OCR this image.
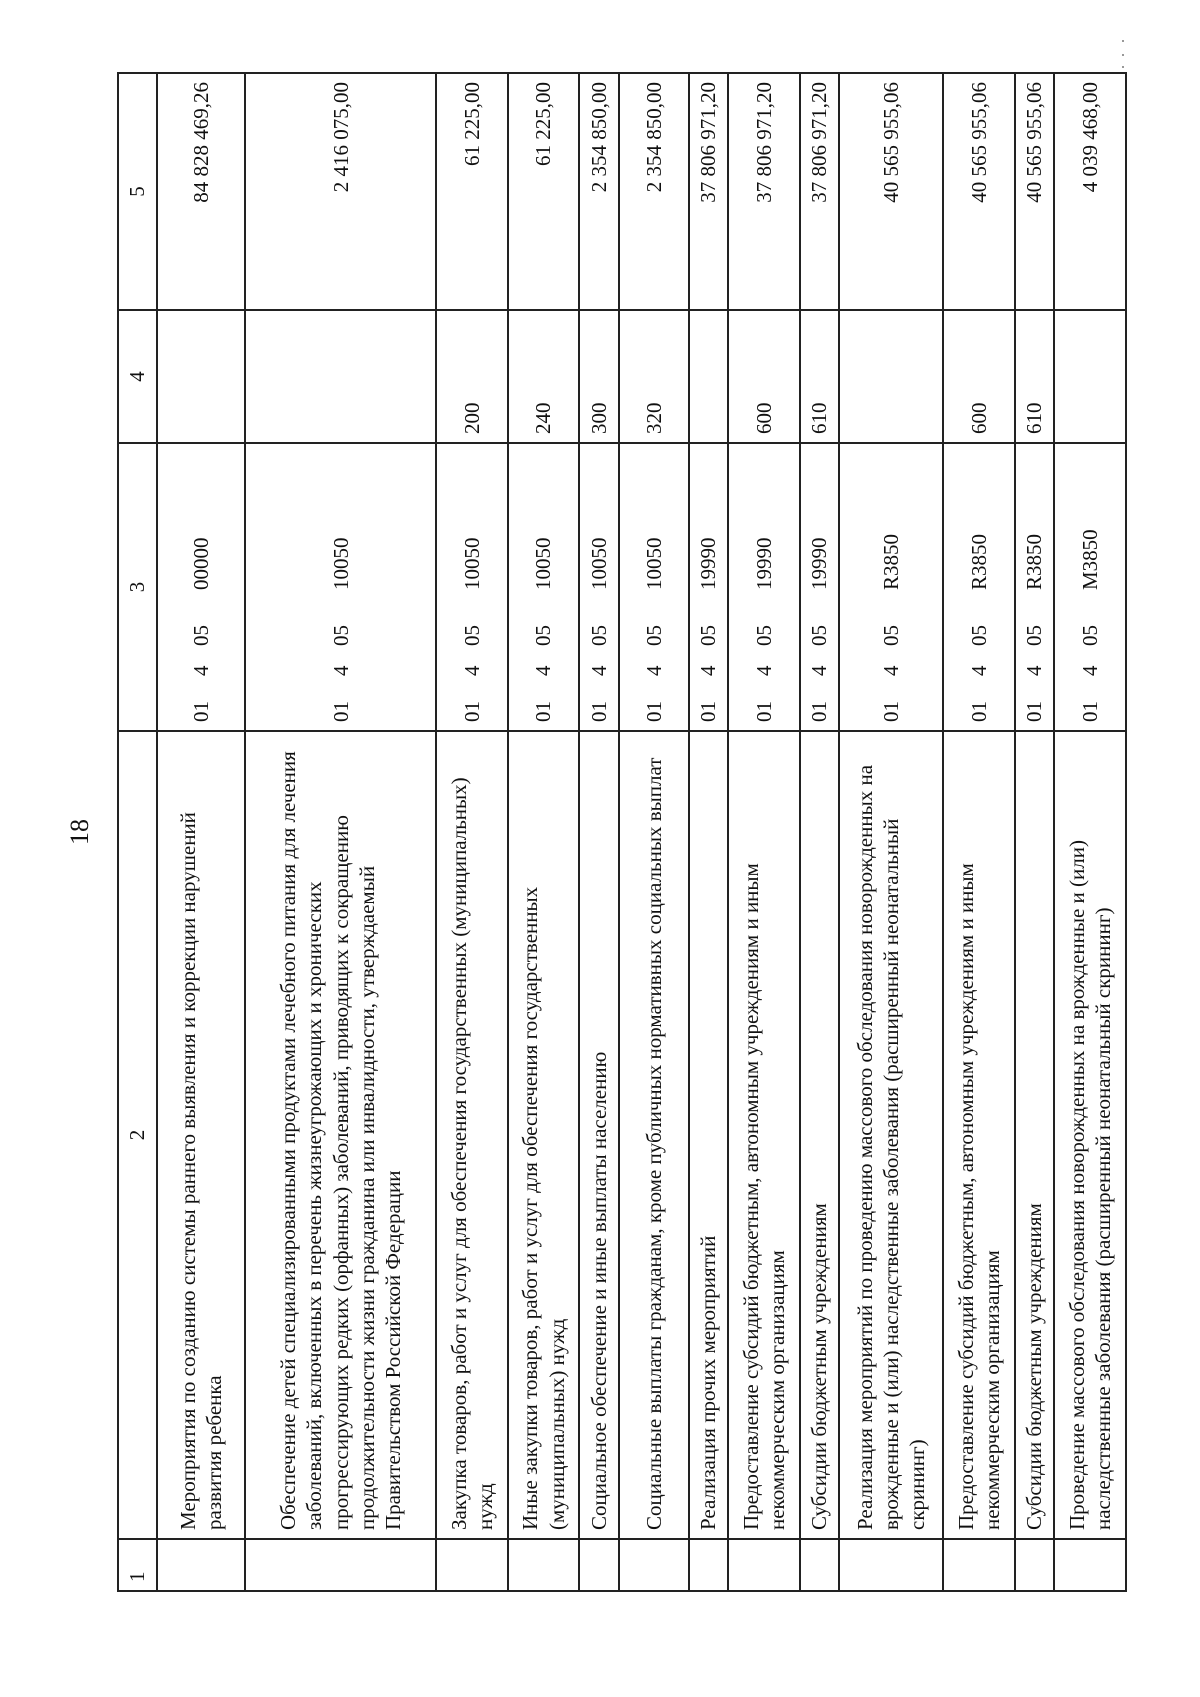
18
1	2	3	4	5
	Мероприятия по созданию системы раннего выявления и коррекции нарушений развития ребенка	0140500000		84 828 469,26
	Обеспечение детей специализированными продуктами лечебного питания для лечения заболеваний, включенных в перечень жизнеугрожающих и хронических прогрессирующих редких (орфанных) заболеваний, приводящих к сокращению продолжительности жизни гражданина или инвалидности, утверждаемый Правительством Российской Федерации	0140510050		2 416 075,00
	Закупка товаров, работ и услуг для обеспечения государственных (муниципальных) нужд	0140510050	200	61 225,00
	Иные закупки товаров, работ и услуг для обеспечения государственных (муниципальных) нужд	0140510050	240	61 225,00
	Социальное обеспечение и иные выплаты населению	0140510050	300	2 354 850,00
	Социальные выплаты гражданам, кроме публичных нормативных социальных выплат	0140510050	320	2 354 850,00
	Реализация прочих мероприятий	0140519990		37 806 971,20
	Предоставление субсидий бюджетным, автономным учреждениям и иным некоммерческим организациям	0140519990	600	37 806 971,20
	Субсидии бюджетным учреждениям	0140519990	610	37 806 971,20
	Реализация мероприятий по проведению массового обследования новорожденных на врожденные и (или) наследственные заболевания (расширенный неонатальный скрининг)	01405R3850		40 565 955,06
	Предоставление субсидий бюджетным, автономным учреждениям и иным некоммерческим организациям	01405R3850	600	40 565 955,06
	Субсидии бюджетным учреждениям	01405R3850	610	40 565 955,06
	Проведение массового обследования новорожденных на врожденные и (или) наследственные заболевания (расширенный неонатальный скрининг)	01405M3850		4 039 468,00
